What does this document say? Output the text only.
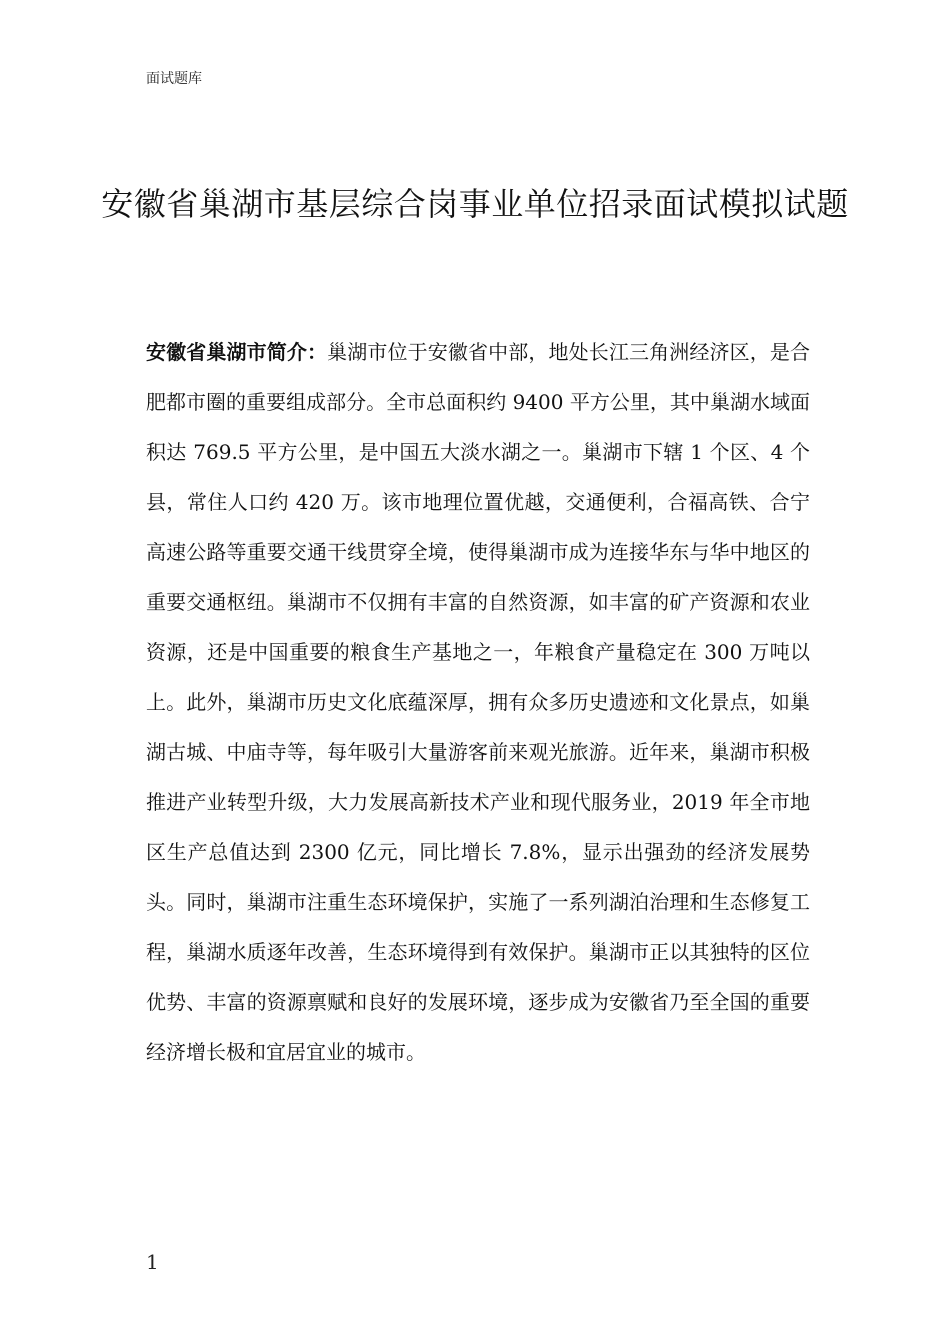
面试题库
安徽省巢湖市基层综合岗事业单位招录面试模拟试题
安徽省巢湖市简介：巢湖市位于安徽省中部，地处长江三角洲经济区，是合肥都市圈的重要组成部分。全市总面积约 9400 平方公里，其中巢湖水域面积达 769.5 平方公里，是中国五大淡水湖之一。巢湖市下辖 1 个区、4 个县，常住人口约 420 万。该市地理位置优越，交通便利，合福高铁、合宁高速公路等重要交通干线贯穿全境，使得巢湖市成为连接华东与华中地区的重要交通枢纽。巢湖市不仅拥有丰富的自然资源，如丰富的矿产资源和农业资源，还是中国重要的粮食生产基地之一，年粮食产量稳定在 300 万吨以上。此外，巢湖市历史文化底蕴深厚，拥有众多历史遗迹和文化景点，如巢湖古城、中庙寺等，每年吸引大量游客前来观光旅游。近年来，巢湖市积极推进产业转型升级，大力发展高新技术产业和现代服务业，2019 年全市地区生产总值达到 2300 亿元，同比增长 7.8%，显示出强劲的经济发展势头。同时，巢湖市注重生态环境保护，实施了一系列湖泊治理和生态修复工程，巢湖水质逐年改善，生态环境得到有效保护。巢湖市正以其独特的区位优势、丰富的资源禀赋和良好的发展环境，逐步成为安徽省乃至全国的重要经济增长极和宜居宜业的城市。
1
